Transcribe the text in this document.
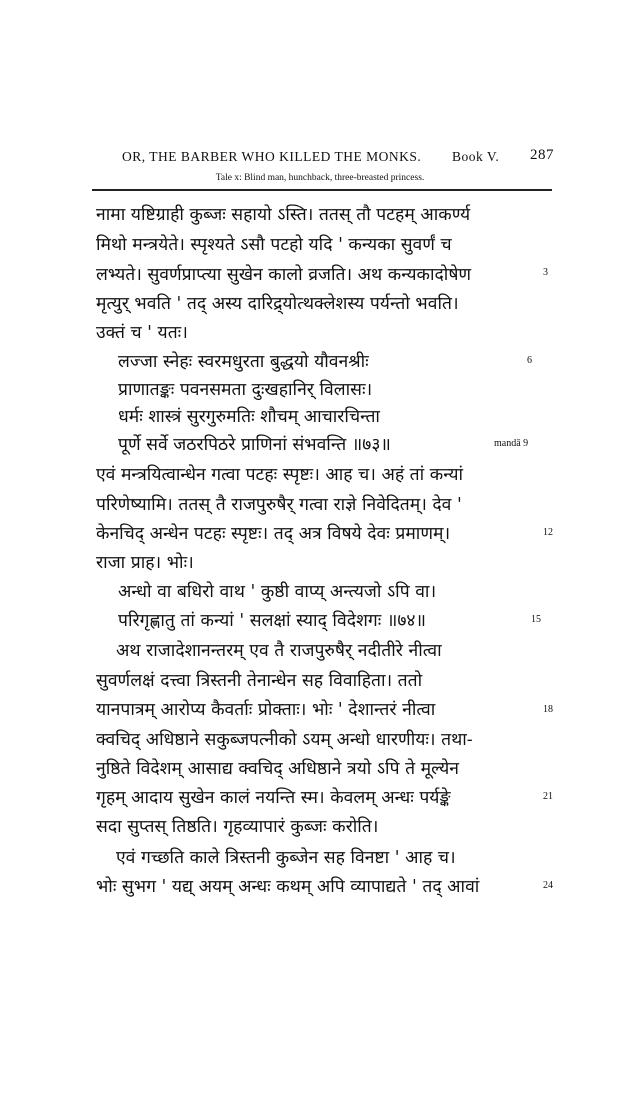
OR, THE BARBER WHO KILLED THE MONKS. Book V. 287
Tale x: Blind man, hunchback, three-breasted princess.
नामा यष्टिग्राही कुब्जः सहायो ऽस्ति। ततस् तौ पटहम् आकर्ण्य
मिथो मन्त्रयेते। स्पृश्यते ऽसौ पटहो यदि ' कन्यका सुवर्णं च
लभ्यते। सुवर्णप्राप्त्या सुखेन कालो व्रजति। अथ कन्यकादोषेण
मृत्युर् भवति ' तद् अस्य दारिद्र्योत्थक्लेशस्य पर्यन्तो भवति।
उक्तं च ' यतः।
लज्जा स्नेहः स्वरमधुरता बुद्धयो यौवनश्रीः
प्राणातङ्कः पवनसमता दुःखहानिर् विलासः।
धर्मः शास्त्रं सुरगुरुमतिः शौचम् आचारचिन्ता
पूर्णे सर्वे जठरपिठरे प्राणिनां संभवन्ति ॥७३॥
एवं मन्त्रयित्वान्धेन गत्वा पटहः स्पृष्टः। आह च। अहं तां कन्यां
परिणेष्यामि। ततस् तै राजपुरुषैर् गत्वा राज्ञे निवेदितम्। देव '
केनचिद् अन्धेन पटहः स्पृष्टः। तद् अत्र विषये देवः प्रमाणम्।
राजा प्राह। भोः।
अन्धो वा बधिरो वाथ ' कुष्ठी वाप्य् अन्त्यजो ऽपि वा।
परिगृह्णातु तां कन्यां ' सलक्षां स्याद् विदेशगः ॥७४॥
अथ राजादेशानन्तरम् एव तै राजपुरुषैर् नदीतीरे नीत्वा
सुवर्णलक्षं दत्त्वा त्रिस्तनी तेनान्धेन सह विवाहिता। ततो
यानपात्रम् आरोप्य कैवर्ताः प्रोक्ताः। भोः ' देशान्तरं नीत्वा
क्वचिद् अधिष्ठाने सकुब्जपत्नीको ऽयम् अन्धो धारणीयः। तथा-
नुष्ठिते विदेशम् आसाद्य क्वचिद् अधिष्ठाने त्रयो ऽपि ते मूल्येन
गृहम् आदाय सुखेन कालं नयन्ति स्म। केवलम् अन्धः पर्यङ्के
सदा सुप्तस् तिष्ठति। गृहव्यापारं कुब्जः करोति।
एवं गच्छति काले त्रिस्तनी कुब्जेन सह विनष्टा ' आह च।
भोः सुभग ' यद्य् अयम् अन्धः कथम् अपि व्यापाद्यते ' तद् आवां
3
6
mandā 9
12
15
18
21
24
